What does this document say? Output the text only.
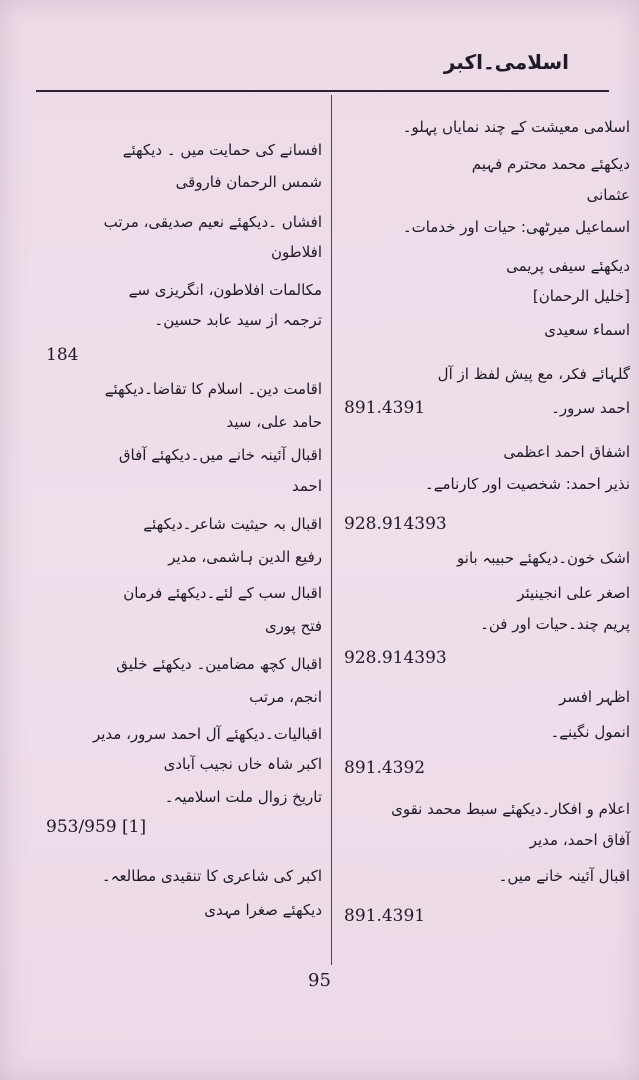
اسلامی۔اکبر
اسلامی معیشت کے چند نمایاں پہلو۔
دیکھئے محمد محترم فہیم
عثمانی
اسماعیل میرٹھی: حیات اور خدمات۔
دیکھئے سیفی پریمی
[خلیل الرحمان]
اسماء سعیدی
گلہائے فکر، مع پیش لفظ از آل
احمد سرور۔
891.4391
اشفاق احمد اعظمی
نذیر احمد: شخصیت اور کارنامے۔
928.914393
اشک خون۔دیکھئے حبیبہ بانو
اصغر علی انجینیئر
پریم چند۔حیات اور فن۔
928.914393
اظہر افسر
انمول نگینے۔
891.4392
اعلام و افکار۔دیکھئے سبط محمد نقوی
آفاق احمد، مدیر
اقبال آئینہ خانے میں۔
891.4391
افسانے کی حمایت میں ۔ دیکھئے
شمس الرحمان فاروقی
افشاں ۔دیکھئے نعیم صدیقی، مرتب
افلاطون
مکالمات افلاطون، انگریزی سے
ترجمہ از سید عابد حسین۔
184
اقامت دین۔ اسلام کا تقاضا۔دیکھئے
حامد علی، سید
اقبال آئینہ خانے میں۔دیکھئے آفاق
احمد
اقبال بہ حیثیت شاعر۔دیکھئے
رفیع الدین ہاشمی، مدیر
اقبال سب کے لئے۔دیکھئے فرمان
فتح پوری
اقبال کچھ مضامین۔ دیکھئے خلیق
انجم، مرتب
اقبالیات۔دیکھئے آل احمد سرور، مدیر
اکبر شاہ خاں نجیب آبادی
تاریخ زوال ملت اسلامیہ۔
953/959 [1]
اکبر کی شاعری کا تنقیدی مطالعہ۔
دیکھئے صغرا مہدی
95
